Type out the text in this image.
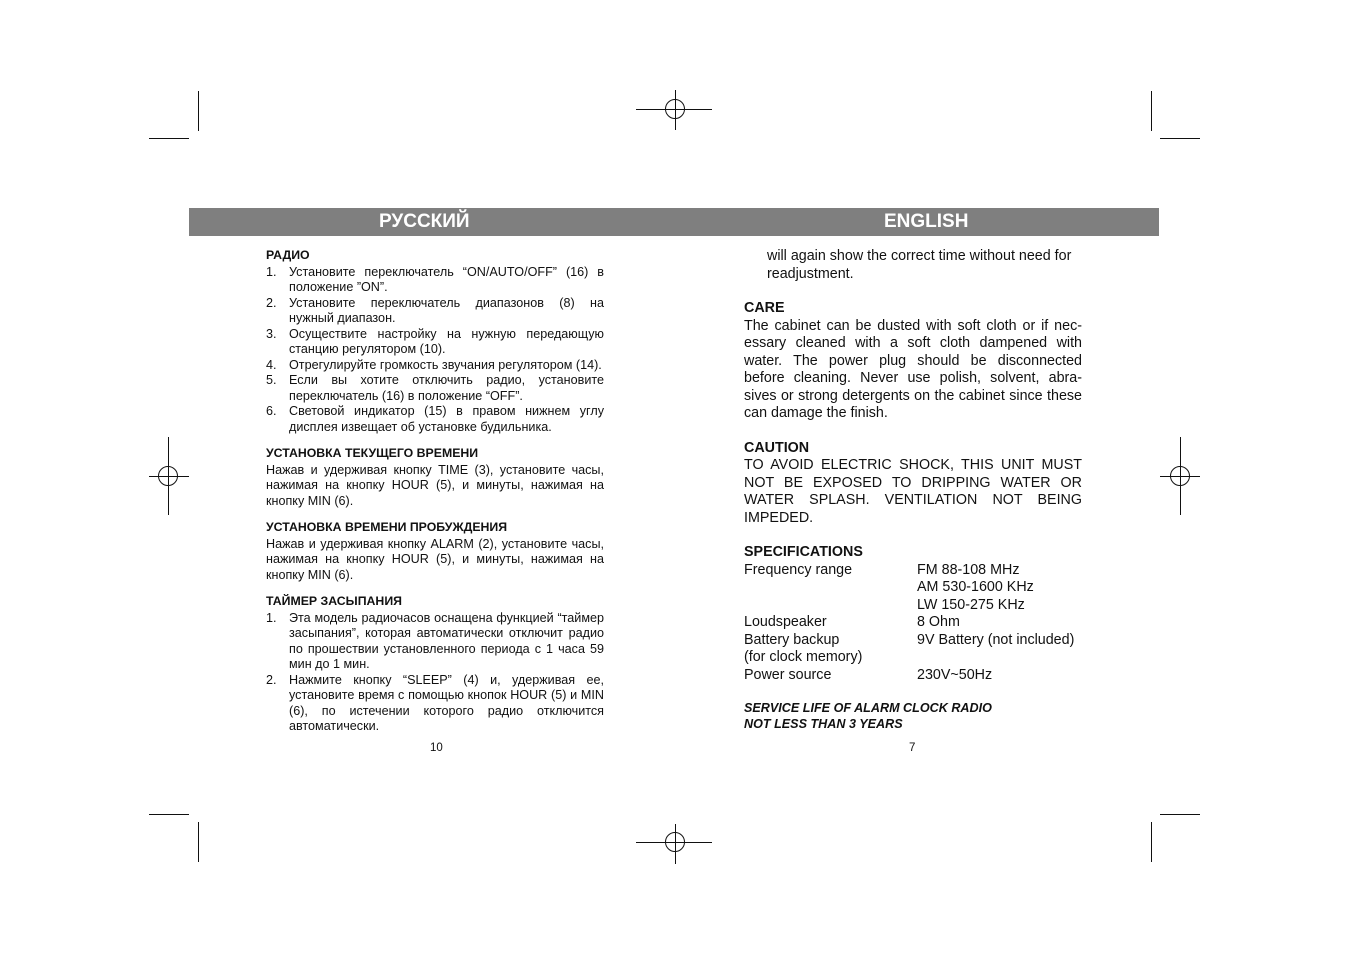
РУССКИЙ	ENGLISH
РАДИО
1. Установите переключатель “ON/AUTO/OFF” (16) в положение ”ON”.
2. Установите переключатель диапазонов (8) на нужный диапазон.
3. Осуществите настройку на нужную передающую станцию регулятором (10).
4. Отрегулируйте громкость звучания регулятором (14).
5. Если вы хотите отключить радио, установите переключатель (16) в положение “OFF”.
6. Световой индикатор (15) в правом нижнем углу дисплея извещает об установке будильника.
УСТАНОВКА ТЕКУЩЕГО ВРЕМЕНИ

Нажав и удерживая кнопку TIME (3), установите часы, нажимая на кнопку HOUR (5), и минуты, нажимая на кнопку MIN (6).

УСТАНОВКА ВРЕМЕНИ ПРОБУЖДЕНИЯ

Нажав и удерживая кнопку ALARM (2), установите часы, нажимая на кнопку HOUR (5), и минуты, нажимая на кнопку MIN (6).

ТАЙМЕР ЗАСЫПАНИЯ
1. Эта модель радиочасов оснащена функцией “таймер засыпания”, которая автоматически отключит радио по прошествии установленного периода с 1 часа 59 мин до 1 мин.
2. Нажмите кнопку “SLEEP” (4) и, удерживая ее, установите время с помощью кнопок HOUR (5) и MIN (6), по истечении которого радио отключится автоматически.

will again show the correct time without need for readjustment.

CARE

The cabinet can be dusted with soft cloth or if nec-essary cleaned with a soft cloth dampened with water. The power plug should be disconnected before cleaning. Never use polish, solvent, abra-sives or strong detergents on the cabinet since these can damage the finish.

CAUTION

TO AVOID ELECTRIC SHOCK, THIS UNIT MUST NOT BE EXPOSED TO DRIPPING WATER OR WATER SPLASH. VENTILATION NOT BEING IMPEDED.

SPECIFICATIONS
Frequency range	FM 88-108 MHz
AM 530-1600 KHz
LW 150-275 KHz
Loudspeaker	8 Ohm
Battery backup	9V Battery (not included)
(for clock memory)
Power source	230V~50Hz
SERVICE LIFE OF ALARM CLOCK RADIO
NOT LESS THAN 3 YEARS
10	7
